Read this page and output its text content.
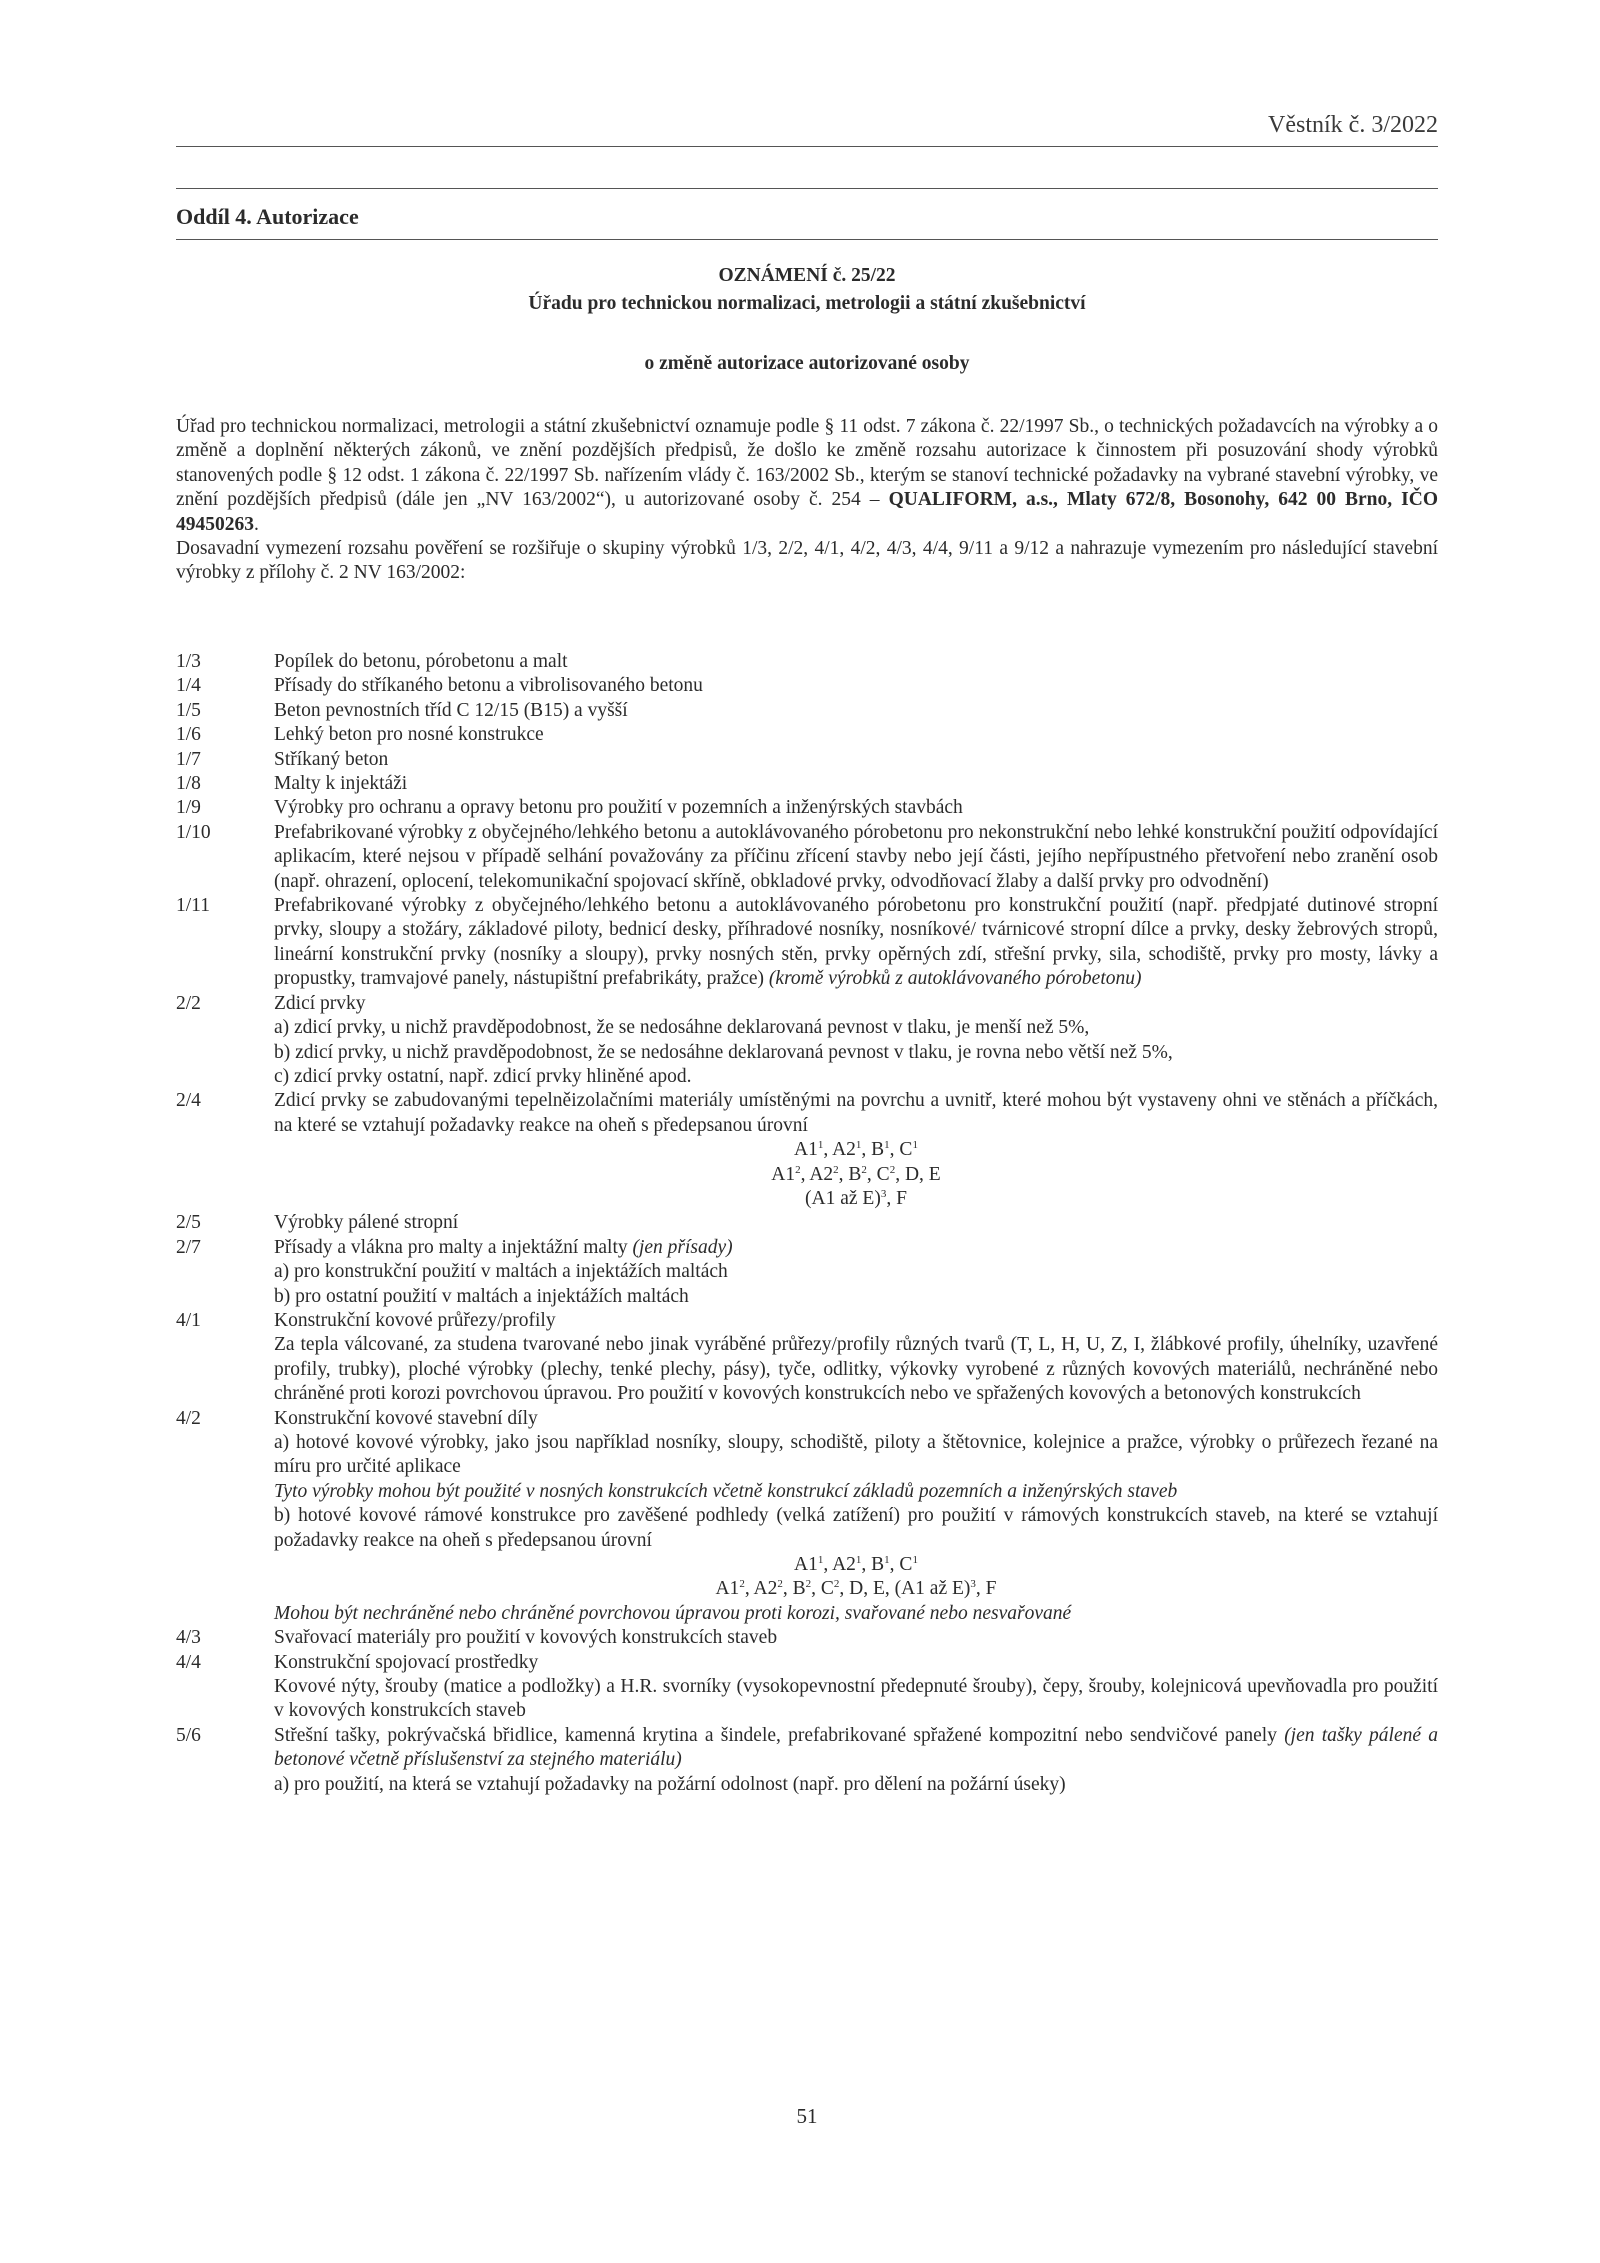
Věstník č. 3/2022
Oddíl 4. Autorizace
OZNÁMENÍ č. 25/22
Úřadu pro technickou normalizaci, metrologii a státní zkušebnictví
o změně autorizace autorizované osoby

Úřad pro technickou normalizaci, metrologii a státní zkušebnictví oznamuje podle § 11 odst. 7 zákona č. 22/1997 Sb., o technických požadavcích na výrobky a o změně a doplnění některých zákonů, ve znění pozdějších předpisů, že došlo ke změně rozsahu autorizace k činnostem při posuzování shody výrobků stanovených podle § 12 odst. 1 zákona č. 22/1997 Sb. nařízením vlády č. 163/2002 Sb., kterým se stanoví technické požadavky na vybrané stavební výrobky, ve znění pozdějších předpisů (dále jen „NV 163/2002“), u autorizované osoby č. 254 – QUALIFORM, a.s., Mlaty 672/8, Bosonohy, 642 00 Brno, IČO 49450263.

Dosavadní vymezení rozsahu pověření se rozšiřuje o skupiny výrobků 1/3, 2/2, 4/1, 4/2, 4/3, 4/4, 9/11 a 9/12 a nahrazuje vymezením pro následující stavební výrobky z přílohy č. 2 NV 163/2002:

1/3	Popílek do betonu, pórobetonu a malt
1/4	Přísady do stříkaného betonu a vibrolisovaného betonu
1/5	Beton pevnostních tříd C 12/15 (B15) a vyšší
1/6	Lehký beton pro nosné konstrukce
1/7	Stříkaný beton
1/8	Malty k injektáži
1/9	Výrobky pro ochranu a opravy betonu pro použití v pozemních a inženýrských stavbách
1/10	Prefabrikované výrobky z obyčejného/lehkého betonu a autoklávovaného pórobetonu pro nekonstrukční nebo lehké konstrukční použití odpovídající aplikacím, které nejsou v případě selhání považovány za příčinu zřícení stavby nebo její části, jejího nepřípustného přetvoření nebo zranění osob (např. ohrazení, oplocení, telekomunikační spojovací skříně, obkladové prvky, odvodňovací žlaby a další prvky pro odvodnění)
1/11	Prefabrikované výrobky z obyčejného/lehkého betonu a autoklávovaného pórobetonu pro konstrukční použití (např. předpjaté dutinové stropní prvky, sloupy a stožáry, základové piloty, bednicí desky, příhradové nosníky, nosníkové/ tvárnicové stropní dílce a prvky, desky žebrových stropů, lineární konstrukční prvky (nosníky a sloupy), prvky nosných stěn, prvky opěrných zdí, střešní prvky, sila, schodiště, prvky pro mosty, lávky a propustky, tramvajové panely, nástupištní prefabrikáty, pražce) (kromě výrobků z autoklávovaného pórobetonu)
2/2	Zdicí prvky
a) zdicí prvky, u nichž pravděpodobnost, že se nedosáhne deklarovaná pevnost v tlaku, je menší než 5%,
b) zdicí prvky, u nichž pravděpodobnost, že se nedosáhne deklarovaná pevnost v tlaku, je rovna nebo větší než 5%,
c) zdicí prvky ostatní, např. zdicí prvky hliněné apod.
2/4	Zdicí prvky se zabudovanými tepelněizolačními materiály umístěnými na povrchu a uvnitř, které mohou být vystaveny ohni ve stěnách a příčkách, na které se vztahují požadavky reakce na oheň s předepsanou úrovní
$A1^1$, $A2^1$, $B^1$, $C^1$
$A1^2$, $A2^2$, $B^2$, $C^2$, D, E
(A1 až E)$^3$, F
2/5	Výrobky pálené stropní
2/7	Přísady a vlákna pro malty a injektážní malty (jen přísady)
a) pro konstrukční použití v maltách a injektážích maltách
b) pro ostatní použití v maltách a injektážích maltách
4/1	Konstrukční kovové průřezy/profily
Za tepla válcované, za studena tvarované nebo jinak vyráběné průřezy/profily různých tvarů (T, L, H, U, Z, I, žlábkové profily, úhelníky, uzavřené profily, trubky), ploché výrobky (plechy, tenké plechy, pásy), tyče, odlitky, výkovky vyrobené z různých kovových materiálů, nechráněné nebo chráněné proti korozi povrchovou úpravou. Pro použití v kovových konstrukcích nebo ve spřažených kovových a betonových konstrukcích
4/2	Konstrukční kovové stavební díly
a) hotové kovové výrobky, jako jsou například nosníky, sloupy, schodiště, piloty a štětovnice, kolejnice a pražce, výrobky o průřezech řezané na míru pro určité aplikace
Tyto výrobky mohou být použité v nosných konstrukcích včetně konstrukcí základů pozemních a inženýrských staveb
b) hotové kovové rámové konstrukce pro zavěšené podhledy (velká zatížení) pro použití v rámových konstrukcích staveb, na které se vztahují požadavky reakce na oheň s předepsanou úrovní
$A1^1$, $A2^1$, $B^1$, $C^1$
$A1^2$, $A2^2$, $B^2$, $C^2$, D, E, (A1 až E)$^3$, F
Mohou být nechráněné nebo chráněné povrchovou úpravou proti korozi, svařované nebo nesvařované
4/3	Svařovací materiály pro použití v kovových konstrukcích staveb
4/4	Konstrukční spojovací prostředky
Kovové nýty, šrouby (matice a podložky) a H.R. svorníky (vysokopevnostní předepnuté šrouby), čepy, šrouby, kolejnicová upevňovadla pro použití v kovových konstrukcích staveb
5/6	Střešní tašky, pokrývačská břidlice, kamenná krytina a šindele, prefabrikované spřažené kompozitní nebo sendvičové panely (jen tašky pálené a betonové včetně příslušenství za stejného materiálu)
a) pro použití, na která se vztahují požadavky na požární odolnost (např. pro dělení na požární úseky)
51
